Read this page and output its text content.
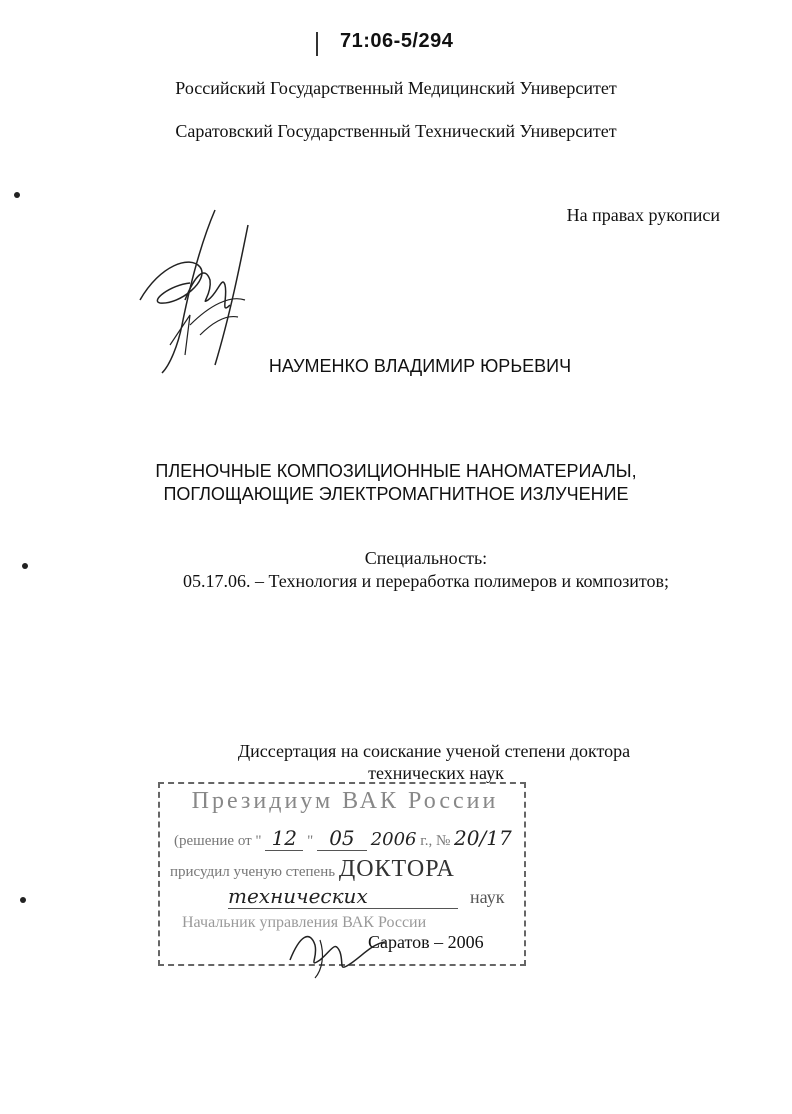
71:06-5/294
Российский Государственный Медицинский Университет
Саратовский Государственный Технический Университет
На правах рукописи
НАУМЕНКО ВЛАДИМИР ЮРЬЕВИЧ
ПЛЕНОЧНЫЕ КОМПОЗИЦИОННЫЕ НАНОМАТЕРИАЛЫ,
ПОГЛОЩАЮЩИЕ ЭЛЕКТРОМАГНИТНОЕ ИЗЛУЧЕНИЕ
Специальность:
05.17.06. – Технология и переработка полимеров и композитов;
Диссертация на соискание ученой степени доктора
технических наук
Президиум ВАК России
(решение от " 12 " 05 2006 г., № 20/17
присудил ученую степень ДОКТОРА
технических	наук
Начальник управления ВАК России
Саратов – 2006
